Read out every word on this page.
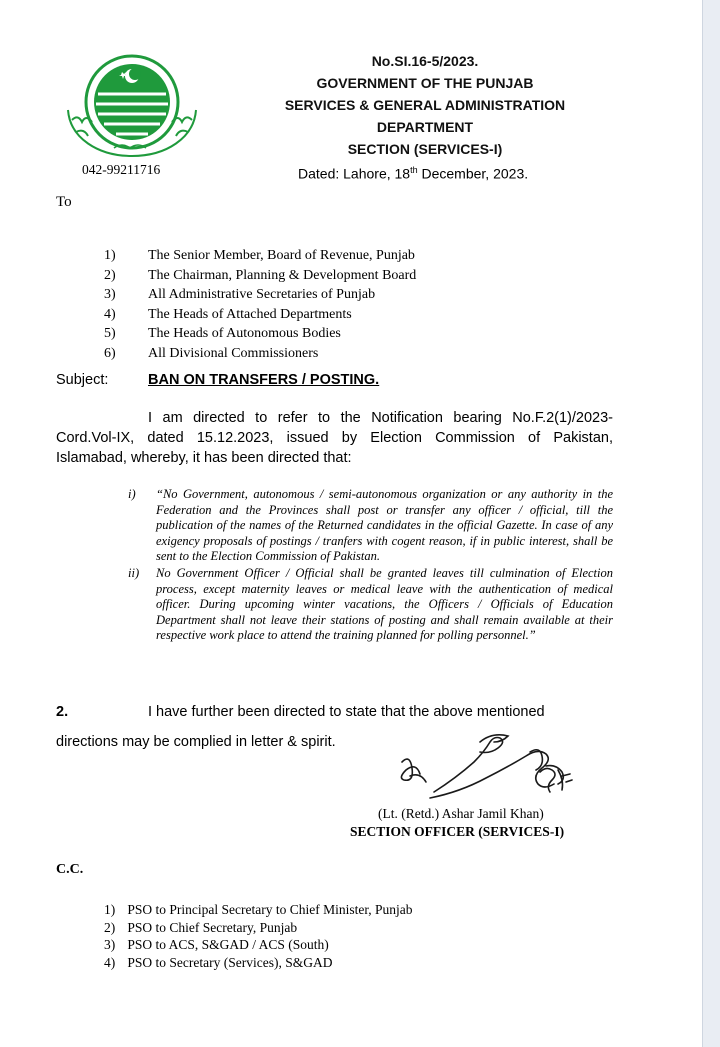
No.SI.16-5/2023.
GOVERNMENT OF THE PUNJAB
SERVICES & GENERAL ADMINISTRATION
DEPARTMENT
SECTION (SERVICES-I)
042-99211716	Dated: Lahore, 18th December, 2023.
To
1)	The Senior Member, Board of Revenue, Punjab
2)	The Chairman, Planning & Development Board
3)	All Administrative Secretaries of Punjab
4)	The Heads of Attached Departments
5)	The Heads of Autonomous Bodies
6)	All Divisional Commissioners
Subject:	BAN ON TRANSFERS / POSTING.
I am directed to refer to the Notification bearing No.F.2(1)/2023-Cord.Vol-IX, dated 15.12.2023, issued by Election Commission of Pakistan, Islamabad, whereby, it has been directed that:
i)	“No Government, autonomous / semi-autonomous organization or any authority in the Federation and the Provinces shall post or transfer any officer / official, till the publication of the names of the Returned candidates in the official Gazette. In case of any exigency proposals of postings / tranfers with cogent reason, if in public interest, shall be sent to the Election Commission of Pakistan.
ii)	No Government Officer / Official shall be granted leaves till culmination of Election process, except maternity leaves or medical leave with the authentication of medical officer. During upcoming winter vacations, the Officers / Officials of Education Department shall not leave their stations of posting and shall remain available at their respective work place to attend the training planned for polling personnel.”
2.	I have further been directed to state that the above mentioned
directions may be complied in letter & spirit.
(Lt. (Retd.) Ashar Jamil Khan)
SECTION OFFICER (SERVICES-I)
C.C.
1) PSO to Principal Secretary to Chief Minister, Punjab
2) PSO to Chief Secretary, Punjab
3) PSO to ACS, S&GAD / ACS (South)
4) PSO to Secretary (Services), S&GAD
